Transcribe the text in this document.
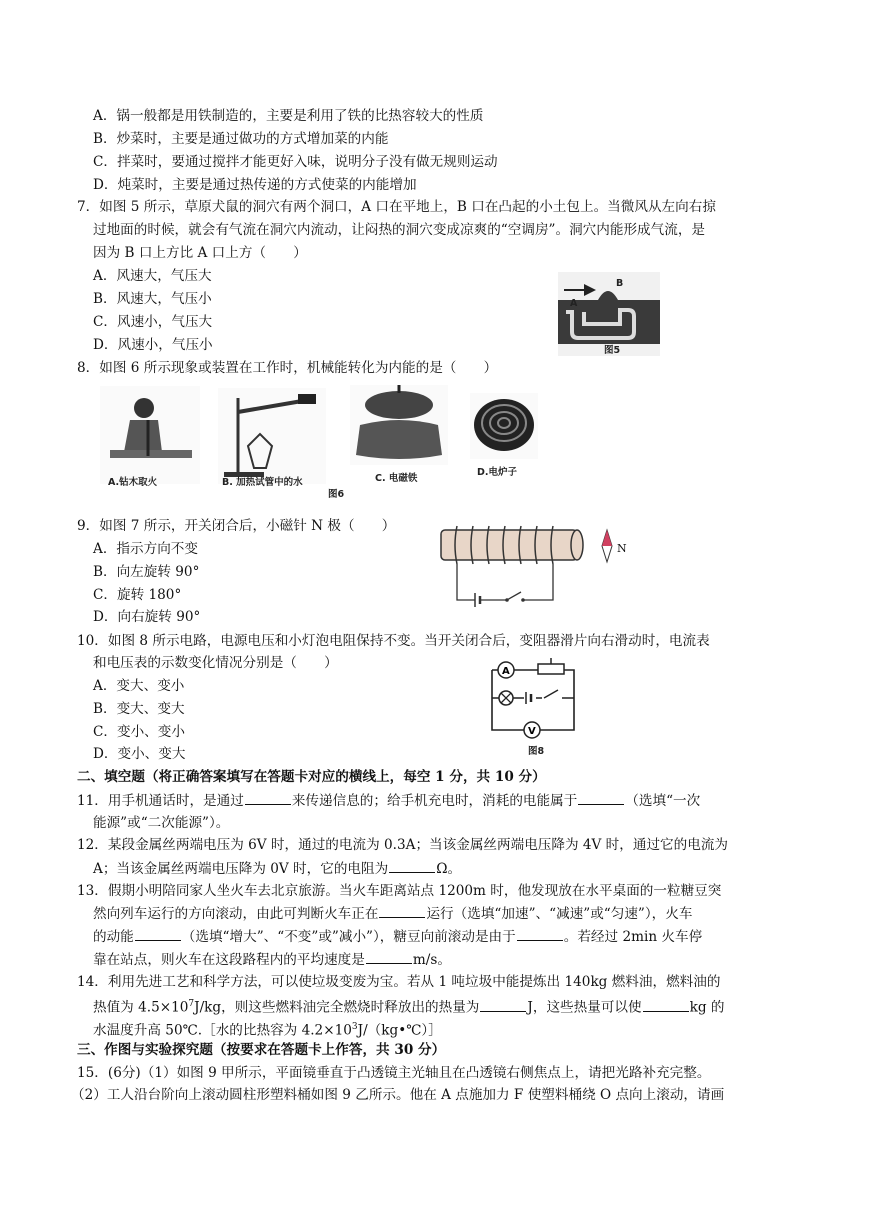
A．锅一般都是用铁制造的，主要是利用了铁的比热容较大的性质
B．炒菜时，主要是通过做功的方式增加菜的内能
C．拌菜时，要通过搅拌才能更好入味，说明分子没有做无规则运动
D．炖菜时，主要是通过热传递的方式使菜的内能增加
7．如图 5 所示，草原犬鼠的洞穴有两个洞口，A 口在平地上，B 口在凸起的小土包上。当微风从左向右掠
过地面的时候，就会有气流在洞穴内流动，让闷热的洞穴变成凉爽的“空调房”。洞穴内能形成气流，是
因为 B 口上方比 A 口上方（　　）
A．风速大，气压大
B．风速大，气压小
C．风速小，气压大
D．风速小，气压小
A
B
图5
8．如图 6 所示现象或装置在工作时，机械能转化为内能的是（　　）
A.钻木取火	B. 加热试管中的水	C. 电磁铁
D.电炉子
图6
9．如图 7 所示，开关闭合后，小磁针 N 极（　　）
A．指示方向不变
B．向左旋转 90°
C．旋转 180°
D．向右旋转 90°
N
10．如图 8 所示电路，电源电压和小灯泡电阻保持不变。当开关闭合后，变阻器滑片向右滑动时，电流表
和电压表的示数变化情况分别是（　　）
A．变大、变小
B．变大、变大
C．变小、变小
D．变小、变大
A
V
图8
二、填空题（将正确答案填写在答题卡对应的横线上，每空 1 分，共 10 分）
11．用手机通话时，是通过	来传递信息的；给手机充电时，消耗的电能属于	（选填“一次
能源”或“二次能源”）。
12．某段金属丝两端电压为 6V 时，通过的电流为 0.3A；当该金属丝两端电压降为 4V 时，通过它的电流为
A；当该金属丝两端电压降为 0V 时，它的电阻为	Ω。
13．假期小明陪同家人坐火车去北京旅游。当火车距离站点 1200m 时，他发现放在水平桌面的一粒糖豆突
然向列车运行的方向滚动，由此可判断火车正在	运行（选填“加速”、“减速”或“匀速”），火车
的动能	（选填“增大”、“不变”或”减小”），糖豆向前滚动是由于	。若经过 2min 火车停
靠在站点，则火车在这段路程内的平均速度是	m/s。
14．利用先进工艺和科学方法，可以使垃圾变废为宝。若从 1 吨垃圾中能提炼出 140kg 燃料油，燃料油的
热值为 $4.5\times 10^7J/kg$，则这些燃料油完全燃烧时释放出的热量为	J，这些热量可以使	kg 的
水温度升高 50℃.［水的比热容为 $4.2\times 10^3J/(kg•℃)]$
三、作图与实验探究题（按要求在答题卡上作答，共 30 分）
15．(6分)（1）如图 9 甲所示，平面镜垂直于凸透镜主光轴且在凸透镜右侧焦点上，请把光路补充完整。
（2）工人沿台阶向上滚动圆柱形塑料桶如图 9 乙所示。他在 A 点施加力 F 使塑料桶绕 O 点向上滚动，请画
